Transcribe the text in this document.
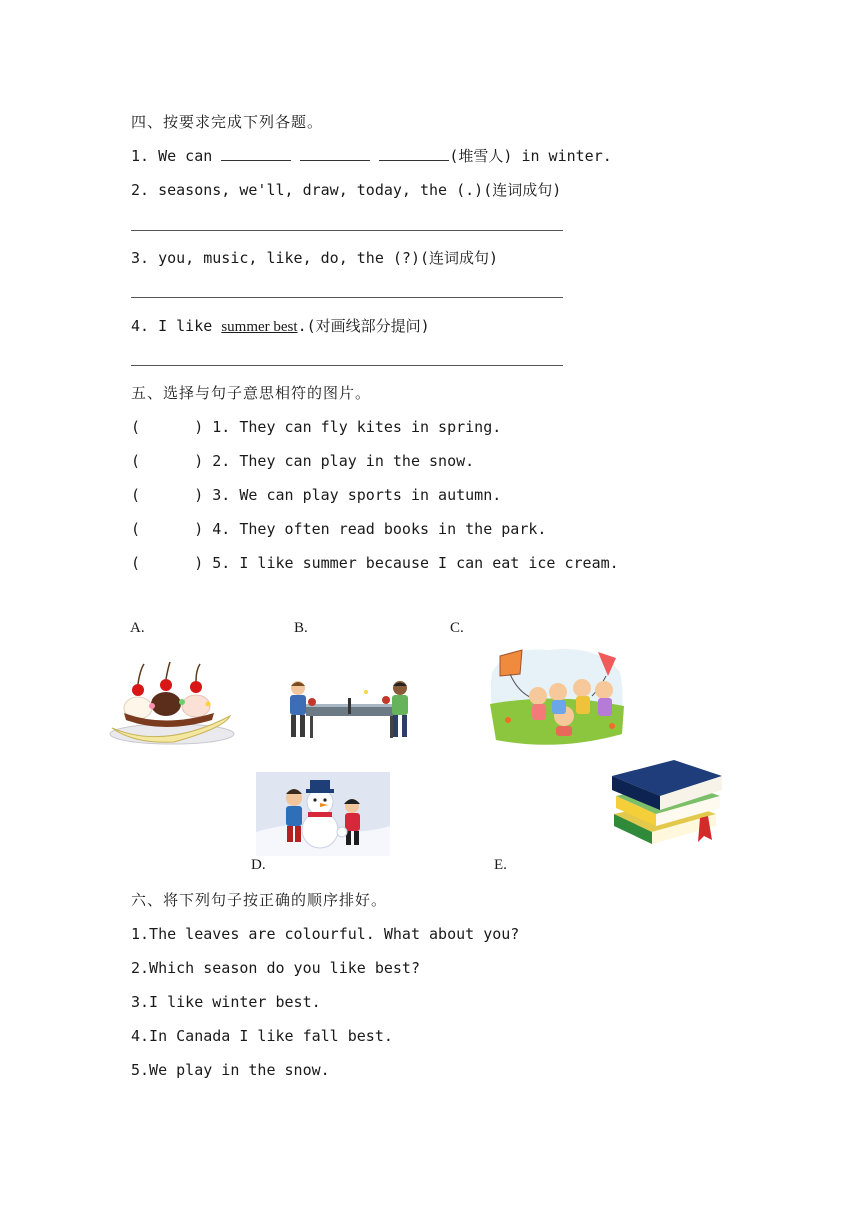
四、按要求完成下列各题。
1. We can	(堆雪人) in winter.
2. seasons, we'll, draw, today, the (.)(连词成句)
3. you, music, like, do, the (?)(连词成句)
4. I like summer best.(对画线部分提问)
五、选择与句子意思相符的图片。
(      ) 1. They can fly kites in spring.
(      ) 2. They can play in the snow.
(      ) 3. We can play sports in autumn.
(      ) 4. They often read books in the park.
(      ) 5. I like summer because I can eat ice cream.
A.	B.	C.
D.	E.
六、将下列句子按正确的顺序排好。
1.The leaves are colourful. What about you?
2.Which season do you like best?
3.I like winter best.
4.In Canada I like fall best.
5.We play in the snow.
